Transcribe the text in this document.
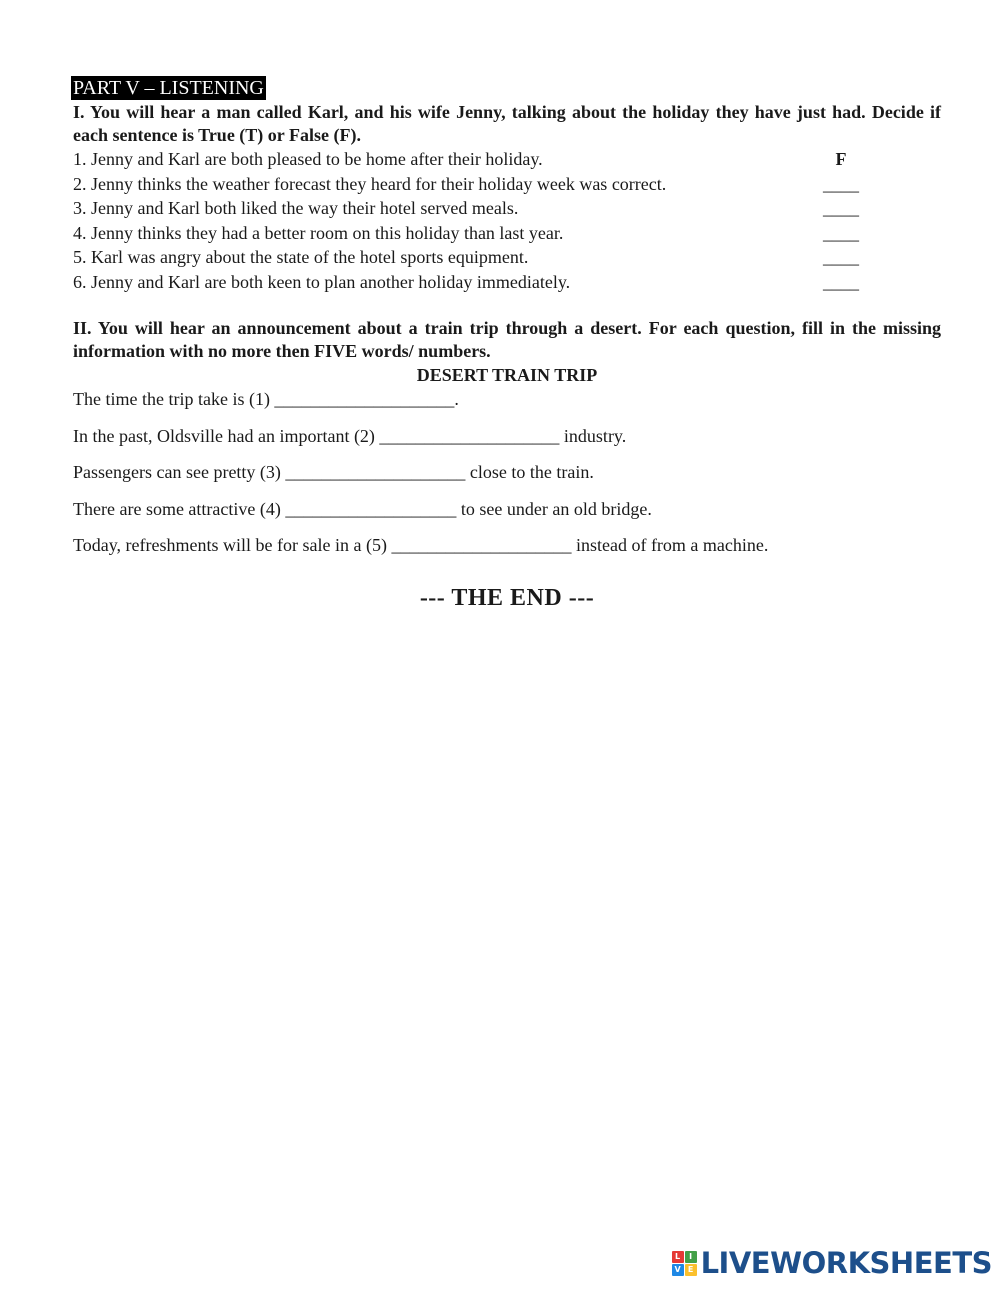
PART V – LISTENING

I. You will hear a man called Karl, and his wife Jenny, talking about the holiday they have just had. Decide if each sentence is True (T) or False (F).

1. Jenny and Karl are both pleased to be home after their holiday.	F
2. Jenny thinks the weather forecast they heard for their holiday week was correct.	____
3. Jenny and Karl both liked the way their hotel served meals.	____
4. Jenny thinks they had a better room on this holiday than last year.	____
5. Karl was angry about the state of the hotel sports equipment.	____
6. Jenny and Karl are both keen to plan another holiday immediately.	____

II. You will hear an announcement about a train trip through a desert. For each question, fill in the missing information with no more then FIVE words/ numbers.

DESERT TRAIN TRIP

The time the trip take is (1) ____________________.
In the past, Oldsville had an important (2) ____________________ industry.
Passengers can see pretty (3) ____________________ close to the train.
There are some attractive (4) ___________________ to see under an old bridge.
Today, refreshments will be for sale in a (5) ____________________ instead of from a machine.
--- THE END ---
L	I
V E LIVEWORKSHEETS
